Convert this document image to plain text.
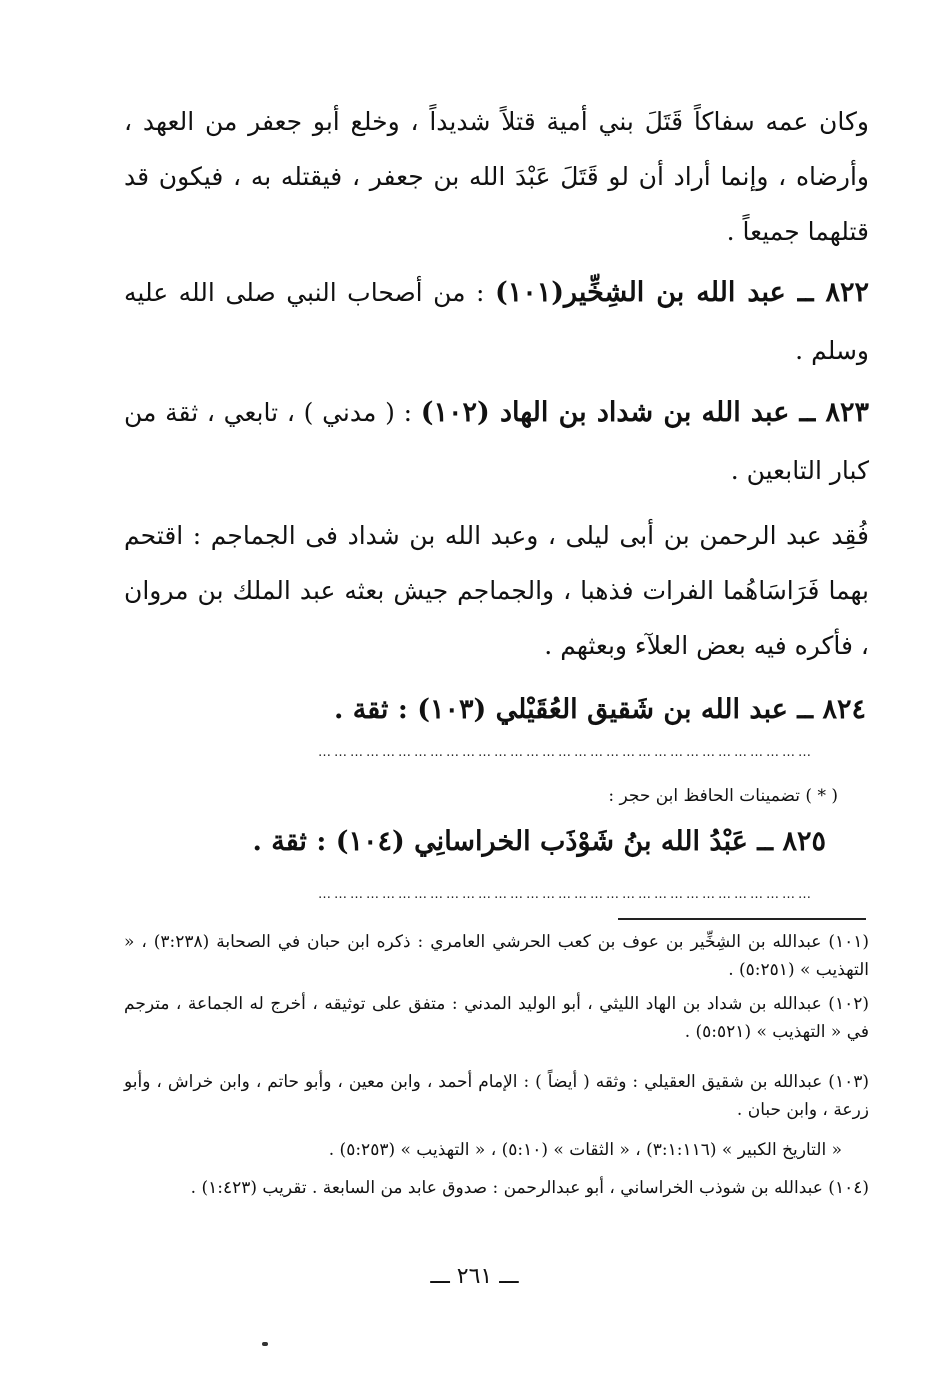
وكان عمه سفاكاً قَتَلَ بني أمية قتلاً شديداً ، وخلع أبو جعفر من العهد ، وأرضاه ، وإنما أراد أن لو قَتَلَ عَبْدَ الله بن جعفر ، فيقتله به ، فيكون قد قتلهما جميعاً .
٨٢٢ ــ عبد الله بن الشِخِّير(١٠١) : من أصحاب النبي صلى الله عليه وسلم .
٨٢٣ ــ عبد الله بن شداد بن الهاد (١٠٢) : ( مدني ) ، تابعي ، ثقة من كبار التابعين .
فُقِد عبد الرحمن بن أبى ليلى ، وعبد الله بن شداد فى الجماجم : اقتحم بهما فَرَاسَاهُما الفرات فذهبا ، والجماجم جيش بعثه عبد الملك بن مروان ، فأكره فيه بعض العلآء وبعثهم .
٨٢٤ ــ عبد الله بن شَقيق العُقَيْلي (١٠٣) : ثقة .
…………………………………………………………………………………
( * ) تضمينات الحافظ ابن حجر :
٨٢٥ ــ عَبْدُ الله بنُ شَوْذَب الخراسانِي (١٠٤) : ثقة .
…………………………………………………………………………………
(١٠١) عبدالله بن الشِخِّير بن عوف بن كعب الحرشي العامري : ذكره ابن حبان في الصحابة (٣:٢٣٨) ، « التهذيب » (٥:٢٥١) .
(١٠٢) عبدالله بن شداد بن الهاد الليثي ، أبو الوليد المدني : متفق على توثيقه ، أخرج له الجماعة ، مترجم في « التهذيب » (٥:٥٢١) .
(١٠٣) عبدالله بن شقيق العقيلي : وثقه ( أيضاً ) : الإمام أحمد ، وابن معين ، وأبو حاتم ، وابن خراش ، وأبو زرعة ، وابن حبان .
« التاريخ الكبير » (٣:١:١١٦) ، « الثقات » (٥:١٠) ، « التهذيب » (٥:٢٥٣) .
(١٠٤) عبدالله بن شوذب الخراساني ، أبو عبدالرحمن : صدوق عابد من السابعة . تقريب (١:٤٢٣) .
ـــ ٢٦١ ـــ
